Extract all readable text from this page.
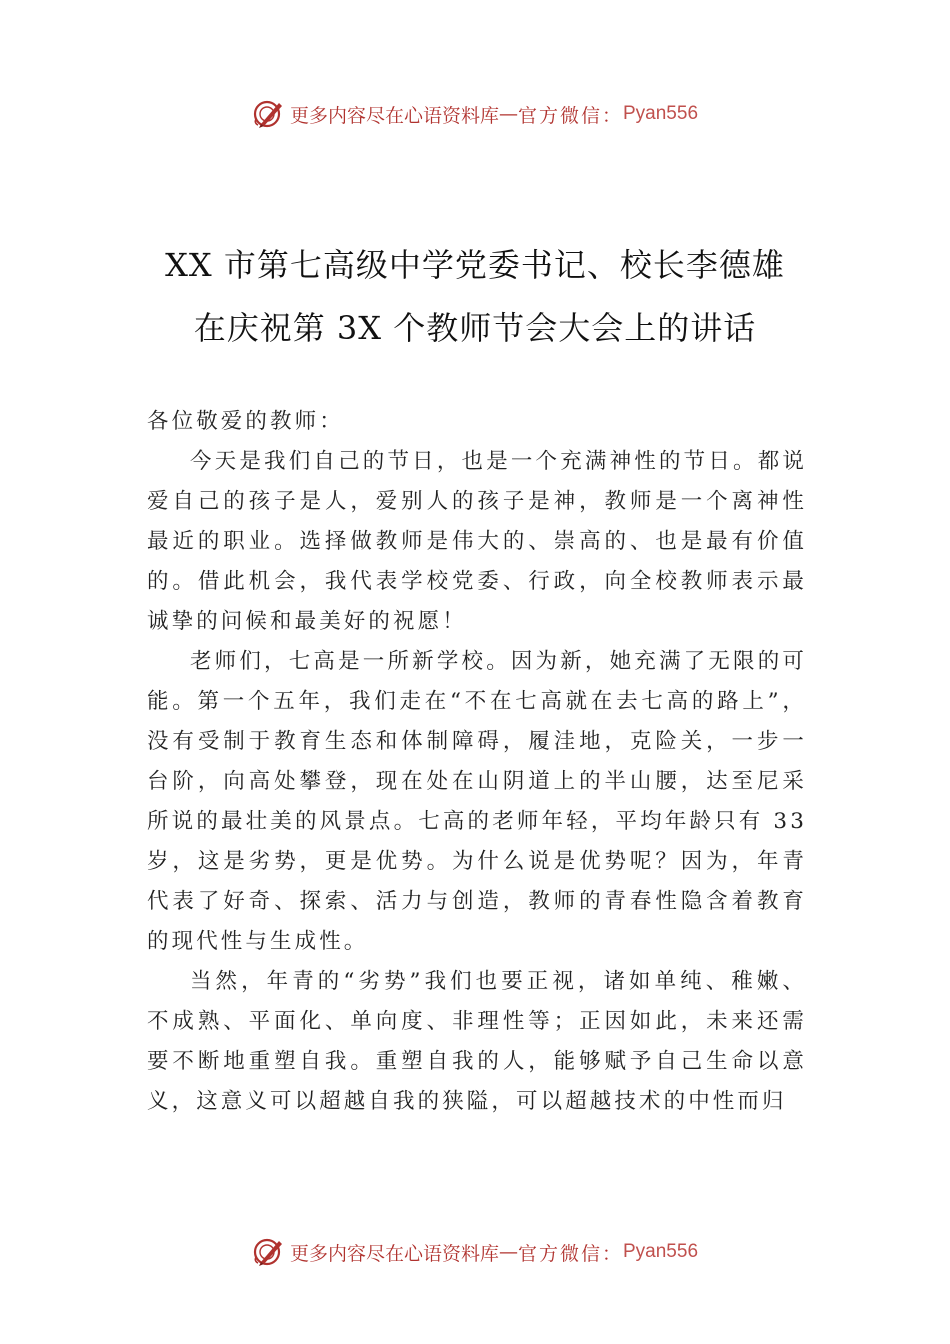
更多内容尽在心语资料库 — 官方微信： Pyan556
XX 市第七高级中学党委书记、校长李德雄
在庆祝第 3X 个教师节会大会上的讲话

各位敬爱的教师：

今天是我们自己的节日，也是一个充满神性的节日。都说爱自己的孩子是人，爱别人的孩子是神，教师是一个离神性最近的职业。选择做教师是伟大的、崇高的、也是最有价值的。借此机会，我代表学校党委、行政，向全校教师表示最诚挚的问候和最美好的祝愿！

老师们，七高是一所新学校。因为新，她充满了无限的可能。第一个五年，我们走在“不在七高就在去七高的路上”，没有受制于教育生态和体制障碍，履洼地，克险关，一步一台阶，向高处攀登，现在处在山阴道上的半山腰，达至尼采所说的最壮美的风景点。七高的老师年轻，平均年龄只有 33 岁，这是劣势，更是优势。为什么说是优势呢？因为，年青代表了好奇、探索、活力与创造，教师的青春性隐含着教育的现代性与生成性。

当然，年青的“劣势”我们也要正视，诸如单纯、稚嫩、不成熟、平面化、单向度、非理性等；正因如此，未来还需要不断地重塑自我。重塑自我的人，能够赋予自己生命以意义，这意义可以超越自我的狭隘，可以超越技术的中性而归

更多内容尽在心语资料库 — 官方微信： Pyan556
